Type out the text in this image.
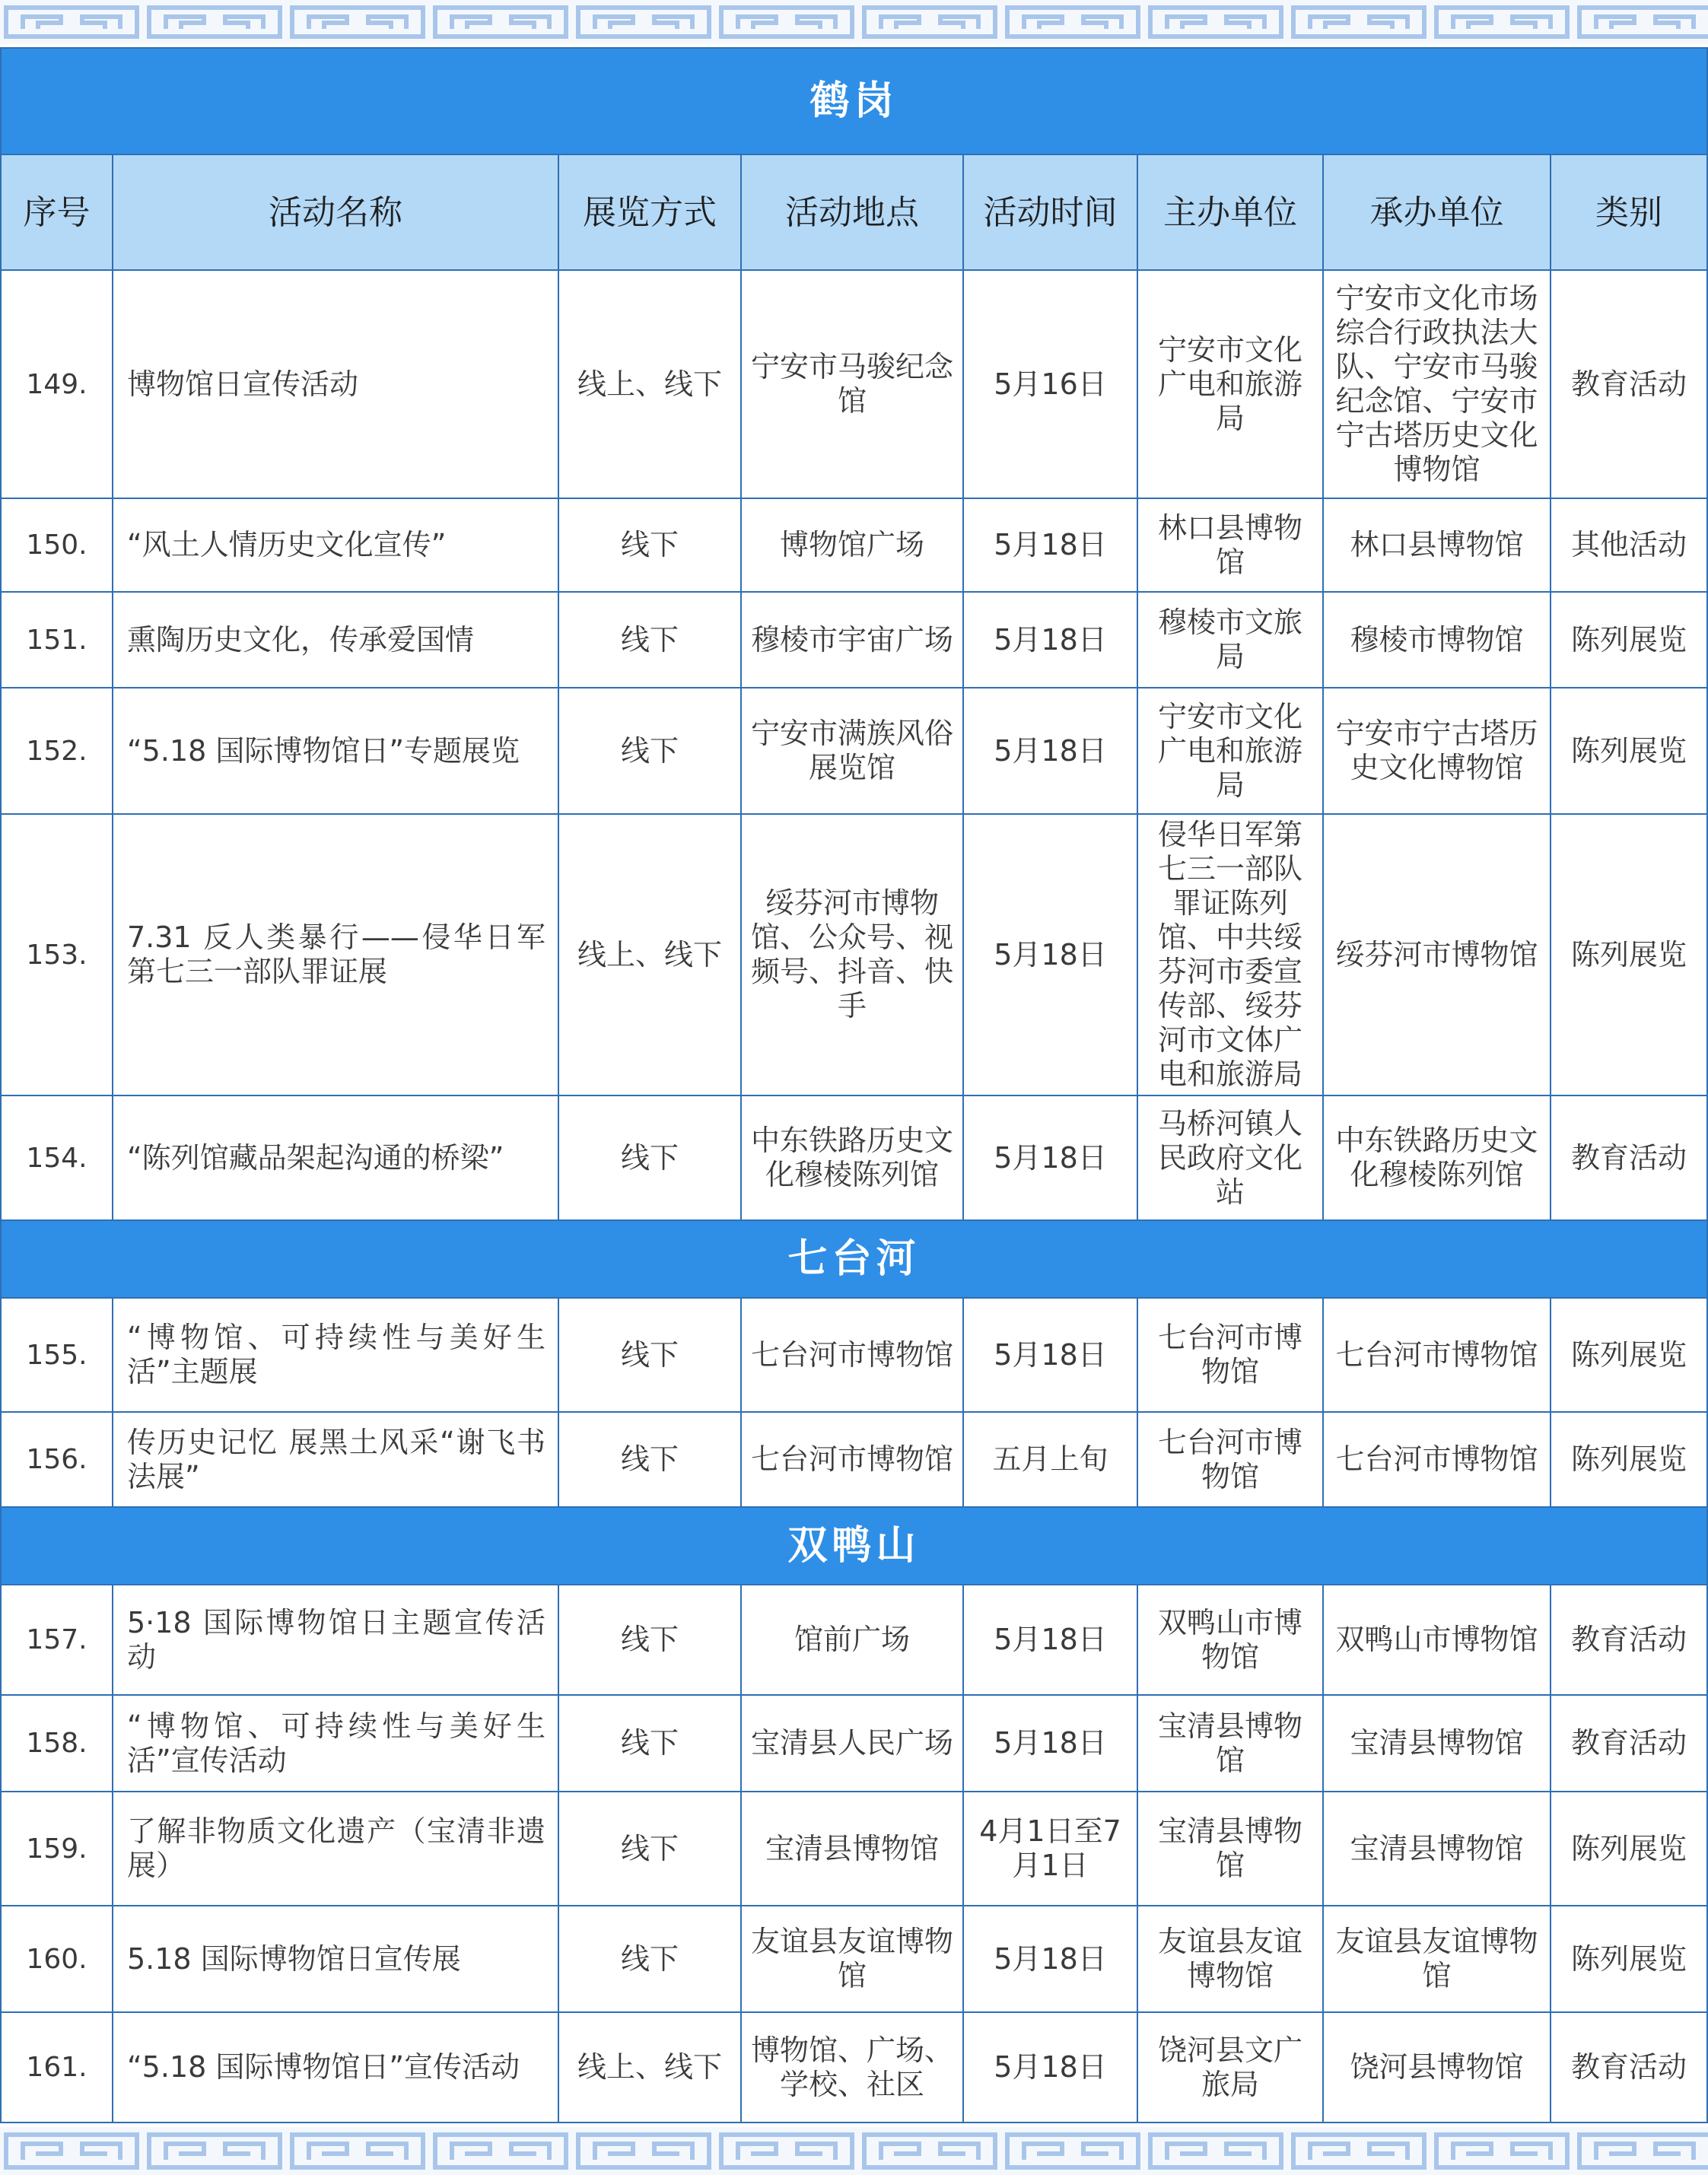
鹤岗							
序号	活动名称	展览方式	活动地点	活动时间	主办单位	承办单位	类别
149.	博物馆日宣传活动	线上、线下	宁安市马骏纪念馆	5月16日	宁安市文化广电和旅游局	宁安市文化市场综合行政执法大队、宁安市马骏纪念馆、宁安市宁古塔历史文化博物馆	教育活动
150.	“风土人情历史文化宣传”	线下	博物馆广场	5月18日	林口县博物馆	林口县博物馆	其他活动
151.	熏陶历史文化，传承爱国情	线下	穆棱市宇宙广场	5月18日	穆棱市文旅局	穆棱市博物馆	陈列展览
152.	“5.18 国际博物馆日”专题展览	线下	宁安市满族风俗展览馆	5月18日	宁安市文化广电和旅游局	宁安市宁古塔历史文化博物馆	陈列展览
153.	7.31 反人类暴行——侵华日军第七三一部队罪证展	线上、线下	绥芬河市博物馆、公众号、视频号、抖音、快手	5月18日	侵华日军第七三一部队罪证陈列馆、中共绥芬河市委宣传部、绥芬河市文体广电和旅游局	绥芬河市博物馆	陈列展览
154.	“陈列馆藏品架起沟通的桥梁”	线下	中东铁路历史文化穆棱陈列馆	5月18日	马桥河镇人民政府文化站	中东铁路历史文化穆棱陈列馆	教育活动
七台河							
155.	“博物馆、可持续性与美好生活”主题展	线下	七台河市博物馆	5月18日	七台河市博物馆	七台河市博物馆	陈列展览
156.	传历史记忆 展黑土风采“谢飞书法展”	线下	七台河市博物馆	五月上旬	七台河市博物馆	七台河市博物馆	陈列展览
双鸭山							
157.	5·18 国际博物馆日主题宣传活动	线下	馆前广场	5月18日	双鸭山市博物馆	双鸭山市博物馆	教育活动
158.	“博物馆、可持续性与美好生活”宣传活动	线下	宝清县人民广场	5月18日	宝清县博物馆	宝清县博物馆	教育活动
159.	了解非物质文化遗产（宝清非遗展）	线下	宝清县博物馆	4月1日至7月1日	宝清县博物馆	宝清县博物馆	陈列展览
160.	5.18 国际博物馆日宣传展	线下	友谊县友谊博物馆	5月18日	友谊县友谊博物馆	友谊县友谊博物馆	陈列展览
161.	“5.18 国际博物馆日”宣传活动	线上、线下	博物馆、广场、学校、社区	5月18日	饶河县文广旅局	饶河县博物馆	教育活动
